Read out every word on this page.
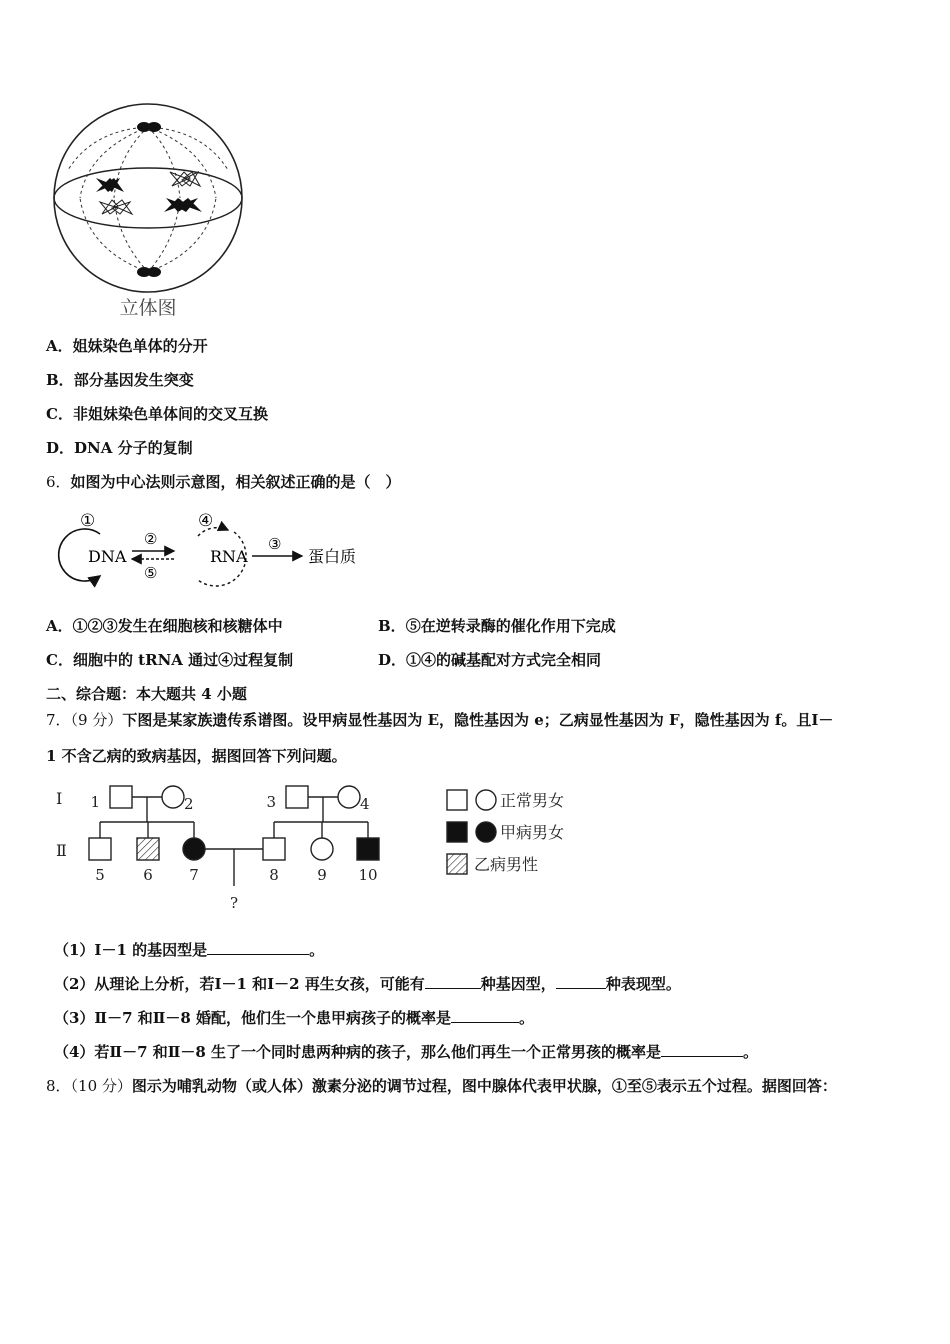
立体图
A．姐妹染色单体的分开
B．部分基因发生突变
C．非姐妹染色单体间的交叉互换
D．DNA 分子的复制
6．如图为中心法则示意图，相关叙述正确的是（　）
①
DNA
②
⑤
④
RNA
③
蛋白质
A．①②③发生在细胞核和核糖体中	B．⑤在逆转录酶的催化作用下完成
C．细胞中的 tRNA 通过④过程复制	D．①④的碱基配对方式完全相同
二、综合题：本大题共 4 小题
7．（9 分）下图是某家族遗传系谱图。设甲病显性基因为 E，隐性基因为 e；乙病显性基因为 F，隐性基因为 f。且Ⅰ－
1 不含乙病的致病基因，据图回答下列问题。
Ⅰ
Ⅱ
1	2	3	4
5	6 7	8	9 10
?
正常男女
甲病男女
乙病男性
（1）Ⅰ－1 的基因型是	。
（2）从理论上分析，若Ⅰ－1 和Ⅰ－2 再生女孩，可能有	种基因型，	种表现型。
（3）Ⅱ－7 和Ⅱ－8 婚配，他们生一个患甲病孩子的概率是	。
（4）若Ⅱ－7 和Ⅱ－8 生了一个同时患两种病的孩子，那么他们再生一个正常男孩的概率是	。
8．（10 分）图示为哺乳动物（或人体）激素分泌的调节过程，图中腺体代表甲状腺，①至⑤表示五个过程。据图回答：
